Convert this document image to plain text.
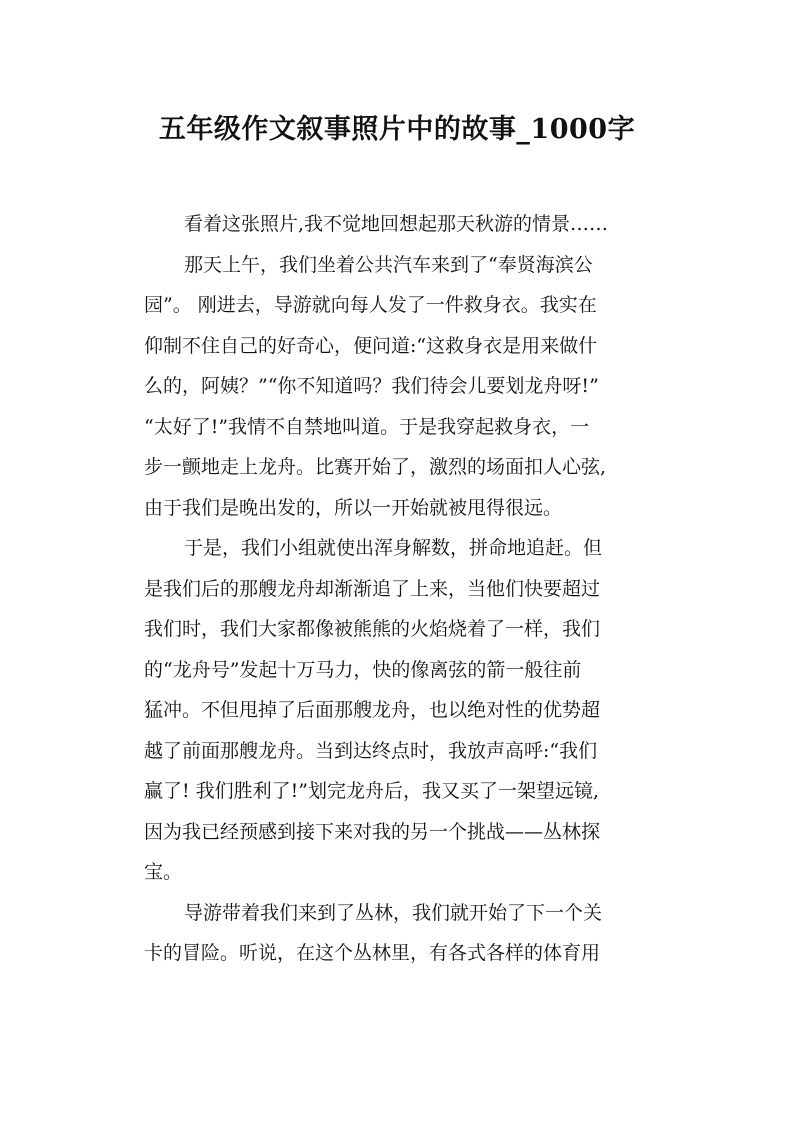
五年级作文叙事照片中的故事_1000字
看着这张照片,我不觉地回想起那天秋游的情景……
那天上午，我们坐着公共汽车来到了“奉贤海滨公
园”。 刚进去，导游就向每人发了一件救身衣。我实在
仰制不住自己的好奇心，便问道:“这救身衣是用来做什
么的，阿姨？”“你不知道吗？我们待会儿要划龙舟呀!”
“太好了!”我情不自禁地叫道。于是我穿起救身衣，一
步一颤地走上龙舟。比赛开始了，激烈的场面扣人心弦,
由于我们是晚出发的，所以一开始就被甩得很远。
于是，我们小组就使出浑身解数，拼命地追赶。但
是我们后的那艘龙舟却渐渐追了上来，当他们快要超过
我们时，我们大家都像被熊熊的火焰烧着了一样，我们
的“龙舟号”发起十万马力，快的像离弦的箭一般往前
猛冲。不但甩掉了后面那艘龙舟，也以绝对性的优势超
越了前面那艘龙舟。当到达终点时，我放声高呼:“我们
赢了! 我们胜利了!”划完龙舟后，我又买了一架望远镜,
因为我已经预感到接下来对我的另一个挑战——丛林探
宝。
导游带着我们来到了丛林，我们就开始了下一个关
卡的冒险。听说，在这个丛林里，有各式各样的体育用
